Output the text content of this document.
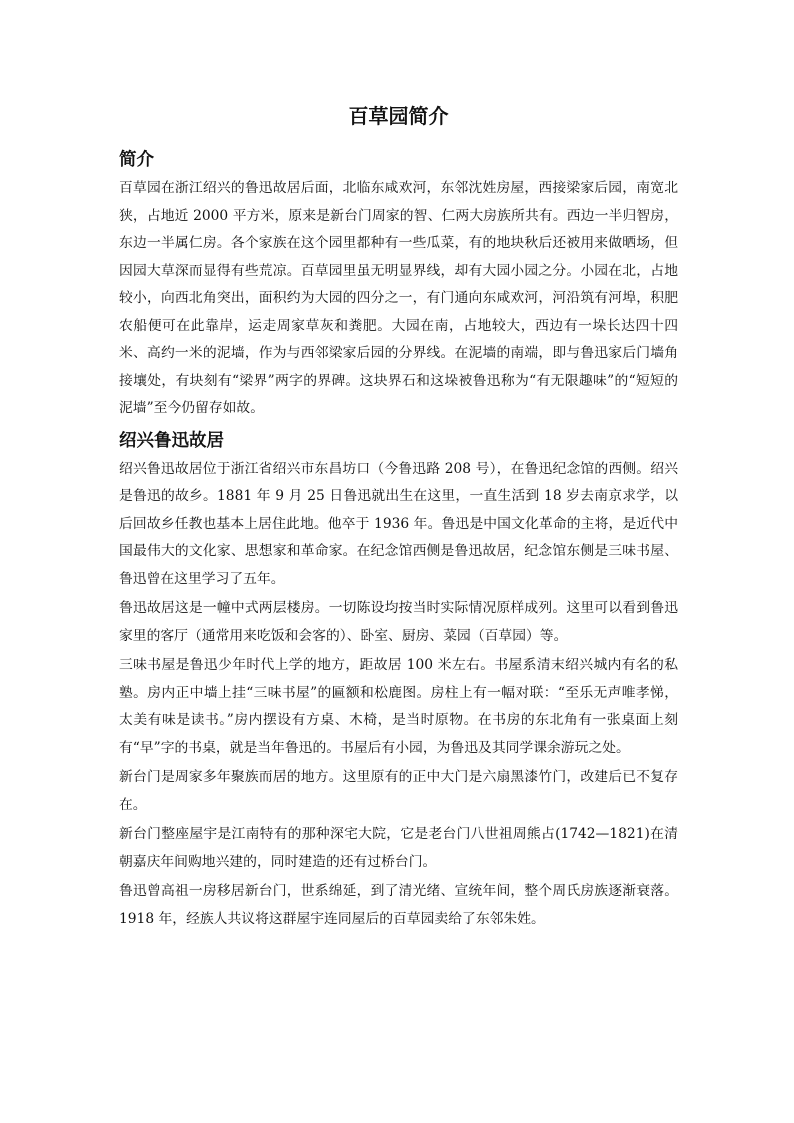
百草园简介
简介

百草园在浙江绍兴的鲁迅故居后面，北临东咸欢河，东邻沈姓房屋，西接梁家后园，南宽北狭，占地近 2000 平方米，原来是新台门周家的智、仁两大房族所共有。西边一半归智房，东边一半属仁房。各个家族在这个园里都种有一些瓜菜，有的地块秋后还被用来做晒场，但因园大草深而显得有些荒凉。百草园里虽无明显界线，却有大园小园之分。小园在北，占地较小，向西北角突出，面积约为大园的四分之一，有门通向东咸欢河，河沿筑有河埠，积肥农船便可在此靠岸，运走周家草灰和粪肥。大园在南，占地较大，西边有一垛长达四十四米、高约一米的泥墙，作为与西邻梁家后园的分界线。在泥墙的南端，即与鲁迅家后门墙角接壤处，有块刻有“梁界”两字的界碑。这块界石和这垛被鲁迅称为“有无限趣味”的“短短的泥墙”至今仍留存如故。

绍兴鲁迅故居

绍兴鲁迅故居位于浙江省绍兴市东昌坊口（今鲁迅路 208 号），在鲁迅纪念馆的西侧。绍兴是鲁迅的故乡。1881 年 9 月 25 日鲁迅就出生在这里，一直生活到 18 岁去南京求学，以后回故乡任教也基本上居住此地。他卒于 1936 年。鲁迅是中国文化革命的主将，是近代中国最伟大的文化家、思想家和革命家。在纪念馆西侧是鲁迅故居，纪念馆东侧是三味书屋、鲁迅曾在这里学习了五年。

鲁迅故居这是一幢中式两层楼房。一切陈设均按当时实际情况原样成列。这里可以看到鲁迅家里的客厅（通常用来吃饭和会客的）、卧室、厨房、菜园（百草园）等。

三味书屋是鲁迅少年时代上学的地方，距故居 100 米左右。书屋系清末绍兴城内有名的私塾。房内正中墙上挂“三味书屋”的匾额和松鹿图。房柱上有一幅对联：“至乐无声唯孝悌，太美有味是读书。”房内摆设有方桌、木椅，是当时原物。在书房的东北角有一张桌面上刻有“早”字的书桌，就是当年鲁迅的。书屋后有小园，为鲁迅及其同学课余游玩之处。

新台门是周家多年聚族而居的地方。这里原有的正中大门是六扇黑漆竹门，改建后已不复存在。

新台门整座屋宇是江南特有的那种深宅大院，它是老台门八世祖周熊占(1742—1821)在清朝嘉庆年间购地兴建的，同时建造的还有过桥台门。

鲁迅曾高祖一房移居新台门，世系绵延，到了清光绪、宣统年间，整个周氏房族逐渐衰落。1918 年，经族人共议将这群屋宇连同屋后的百草园卖给了东邻朱姓。
